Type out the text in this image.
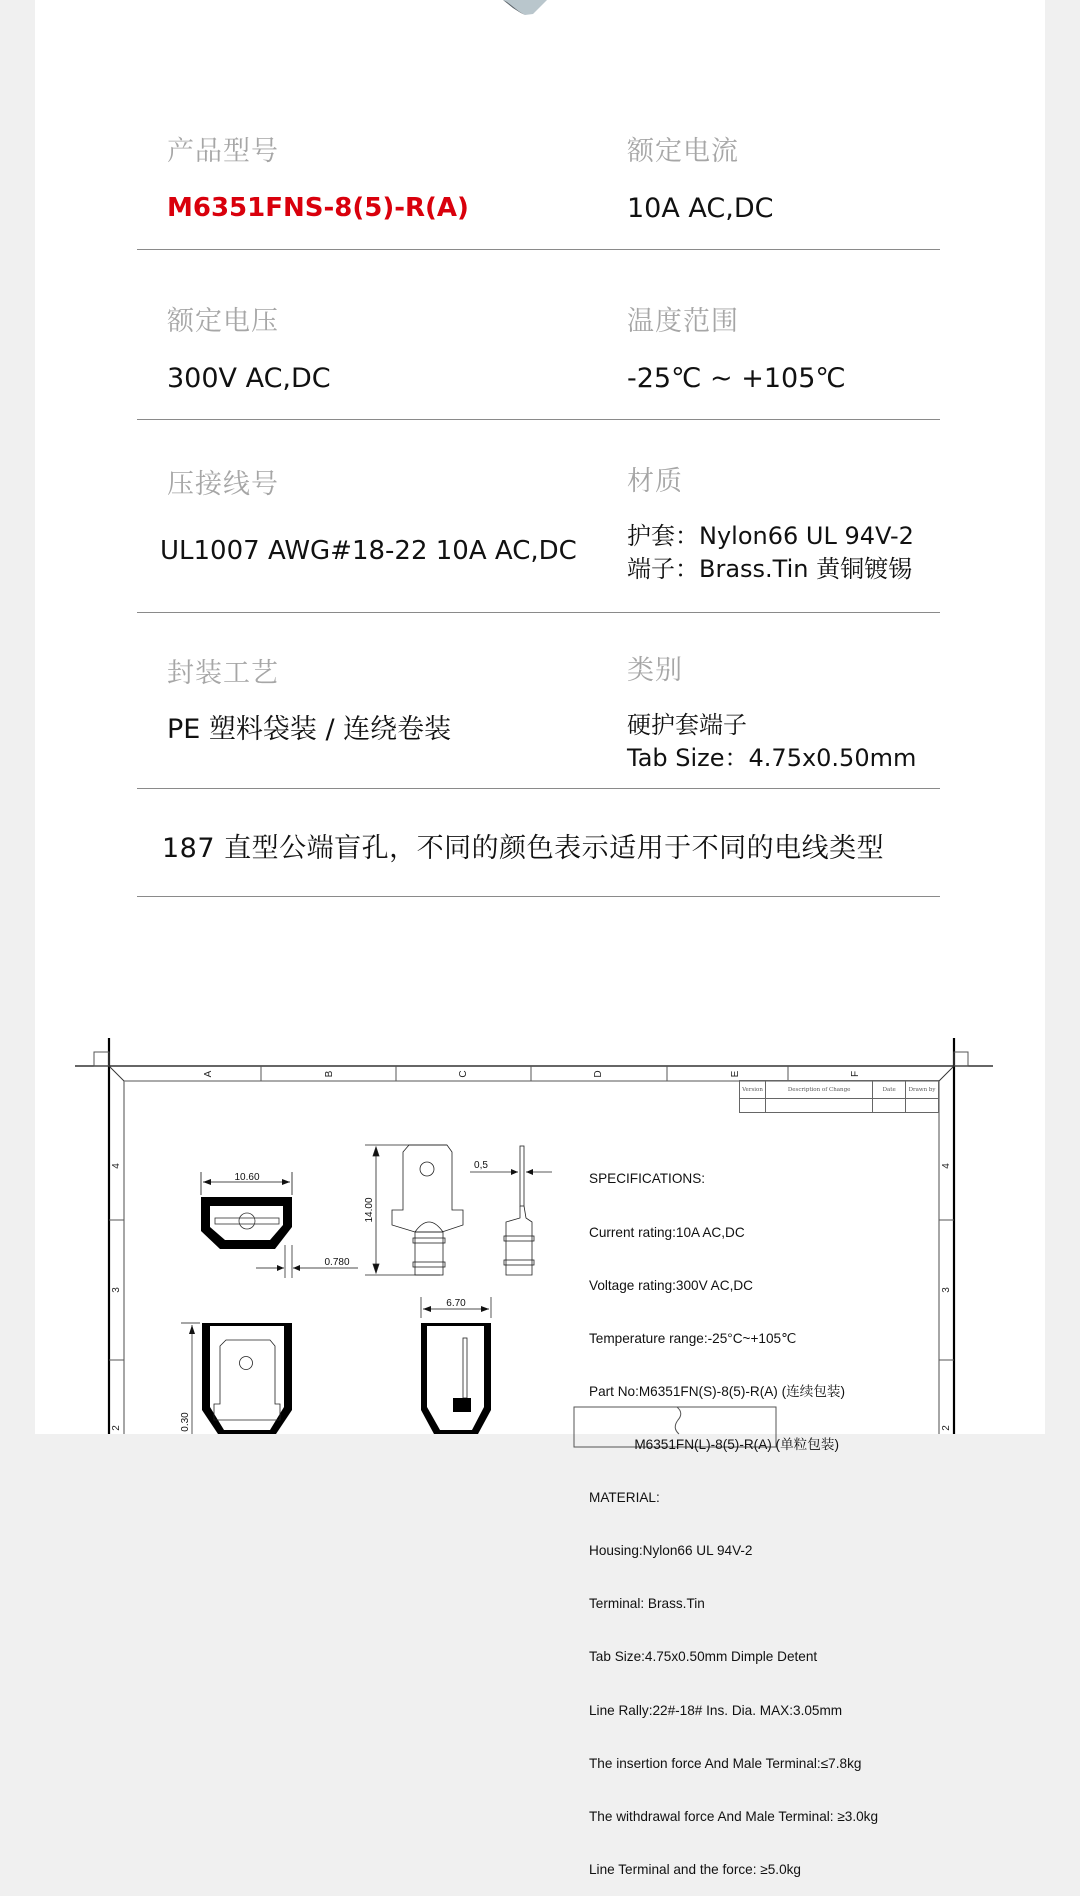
产品型号
M6351FNS-8(5)-R(A)
额定电流
10A AC,DC
额定电压
300V AC,DC
温度范围
-25℃ ~ +105℃
压接线号
UL1007 AWG#18-22 10A AC,DC
材质
护套：Nylon66 UL 94V-2
端子：Brass.Tin 黄铜镀锡
封装工艺
PE 塑料袋装 / 连绕卷装
类别
硬护套端子
Tab Size：4.75x0.50mm
187 直型公端盲孔，不同的颜色表示适用于不同的电线类型
A	B	C	D	E	F
4
3
2
4
3
2
10.60
0.780
14.00
0,5
0.30
6.70
Version	Description of Change	Date	Drawn by

SPECIFICATIONS:

Current rating:10A AC,DC

Voltage rating:300V AC,DC

Temperature range:-25°C~+105℃

Part No:M6351FN(S)-8(5)-R(A) (连续包装)

M6351FN(L)-8(5)-R(A) (单粒包装)

MATERIAL:

Housing:Nylon66 UL 94V-2

Terminal: Brass.Tin

Tab Size:4.75x0.50mm Dimple Detent

Line Rally:22#-18# Ins. Dia. MAX:3.05mm

The insertion force And Male Terminal:≤7.8kg

The withdrawal force And Male Terminal: ≥3.0kg

Line Terminal and the force: ≥5.0kg
